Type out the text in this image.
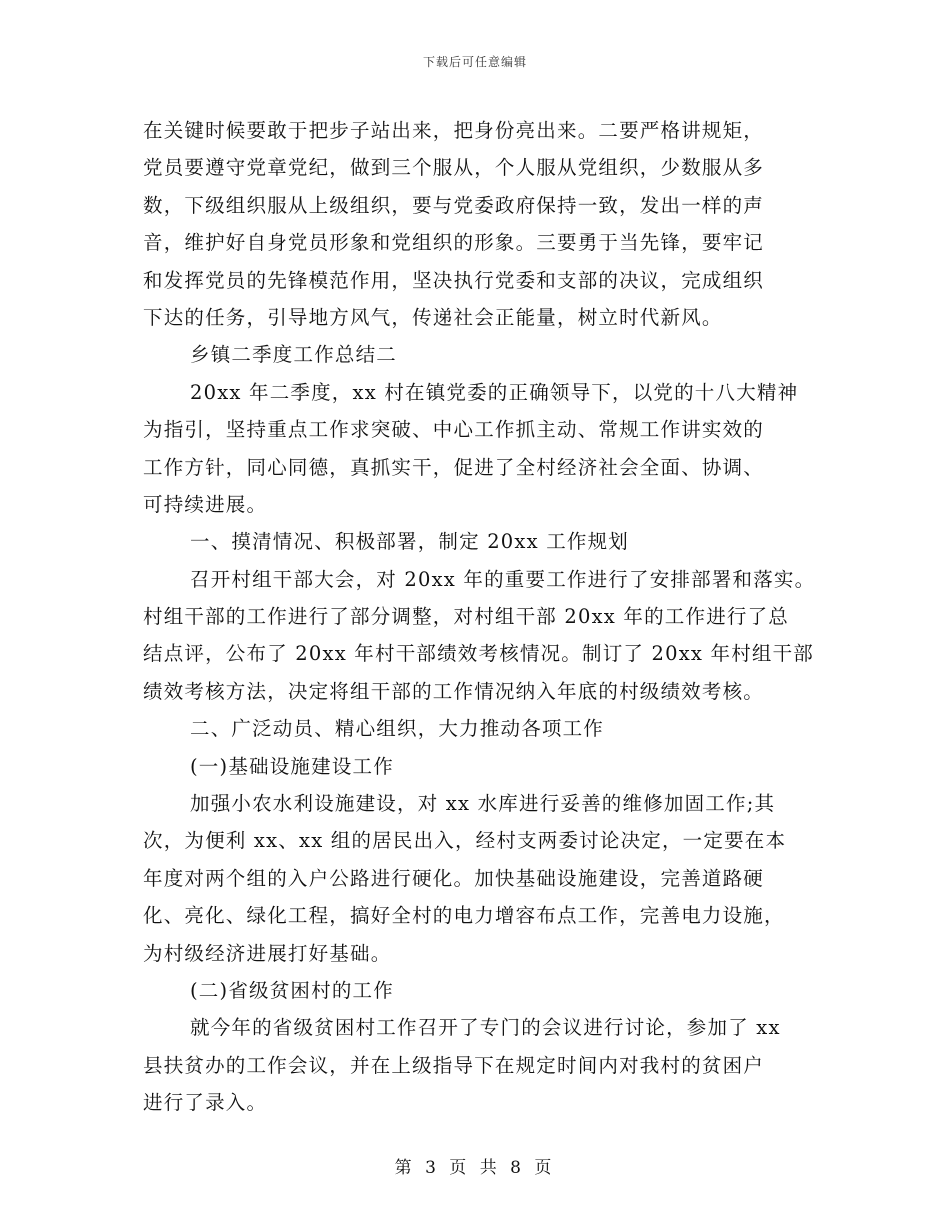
下载后可任意编辑
在关键时候要敢于把步子站出来，把身份亮出来。二要严格讲规矩，
党员要遵守党章党纪，做到三个服从，个人服从党组织，少数服从多
数，下级组织服从上级组织，要与党委政府保持一致，发出一样的声
音，维护好自身党员形象和党组织的形象。三要勇于当先锋，要牢记
和发挥党员的先锋模范作用，坚决执行党委和支部的决议，完成组织
下达的任务，引导地方风气，传递社会正能量，树立时代新风。
乡镇二季度工作总结二
20xx 年二季度，xx 村在镇党委的正确领导下，以党的十八大精神
为指引，坚持重点工作求突破、中心工作抓主动、常规工作讲实效的
工作方针，同心同德，真抓实干，促进了全村经济社会全面、协调、
可持续进展。
一、摸清情况、积极部署，制定 20xx 工作规划
召开村组干部大会，对 20xx 年的重要工作进行了安排部署和落实。
村组干部的工作进行了部分调整，对村组干部 20xx 年的工作进行了总
结点评，公布了 20xx 年村干部绩效考核情况。制订了 20xx 年村组干部
绩效考核方法，决定将组干部的工作情况纳入年底的村级绩效考核。
二、广泛动员、精心组织，大力推动各项工作
(一)基础设施建设工作
加强小农水利设施建设，对 xx 水库进行妥善的维修加固工作;其
次，为便利 xx、xx 组的居民出入，经村支两委讨论决定，一定要在本
年度对两个组的入户公路进行硬化。加快基础设施建设，完善道路硬
化、亮化、绿化工程，搞好全村的电力增容布点工作，完善电力设施，
为村级经济进展打好基础。
(二)省级贫困村的工作
就今年的省级贫困村工作召开了专门的会议进行讨论，参加了 xx
县扶贫办的工作会议，并在上级指导下在规定时间内对我村的贫困户
进行了录入。
第 3 页 共 8 页
